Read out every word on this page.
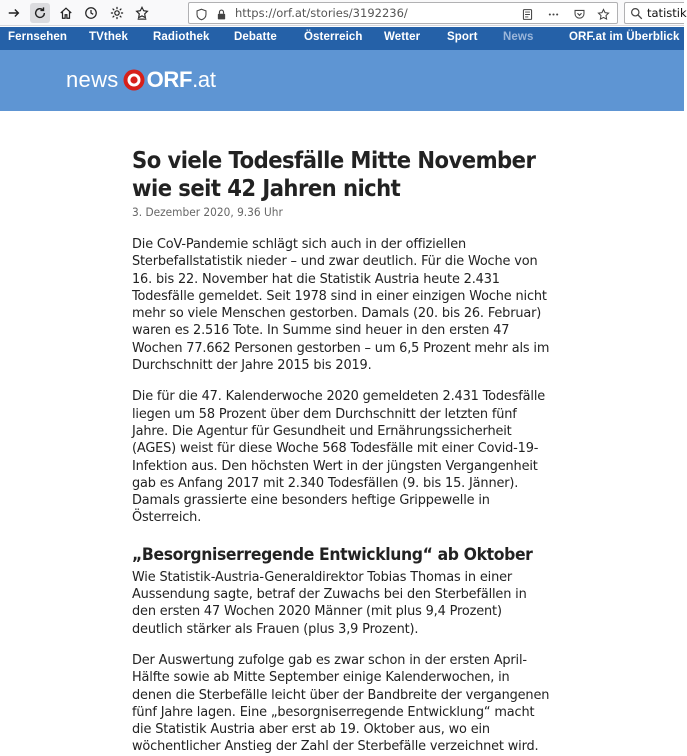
https://orf.at/stories/3192236/	tatistik
Fernsehen TVthek Radiothek Debatte Österreich Wetter Sport News	ORF.at im Überblick
news ORF.at
So viele Todesfälle Mitte November wie seit 42 Jahren nicht
3. Dezember 2020, 9.36 Uhr

Die CoV-Pandemie schlägt sich auch in der offiziellen Sterbefallstatistik nieder – und zwar deutlich. Für die Woche von 16. bis 22. November hat die Statistik Austria heute 2.431 Todesfälle gemeldet. Seit 1978 sind in einer einzigen Woche nicht mehr so viele Menschen gestorben. Damals (20. bis 26. Februar) waren es 2.516 Tote. In Summe sind heuer in den ersten 47 Wochen 77.662 Personen gestorben – um 6,5 Prozent mehr als im Durchschnitt der Jahre 2015 bis 2019.

Die für die 47. Kalenderwoche 2020 gemeldeten 2.431 Todesfälle liegen um 58 Prozent über dem Durchschnitt der letzten fünf Jahre. Die Agentur für Gesundheit und Ernährungssicherheit (AGES) weist für diese Woche 568 Todesfälle mit einer Covid-19-Infektion aus. Den höchsten Wert in der jüngsten Vergangenheit gab es Anfang 2017 mit 2.340 Todesfällen (9. bis 15. Jänner). Damals grassierte eine besonders heftige Grippewelle in Österreich.

„Besorgniserregende Entwicklung“ ab Oktober

Wie Statistik-Austria-Generaldirektor Tobias Thomas in einer Aussendung sagte, betraf der Zuwachs bei den Sterbefällen in den ersten 47 Wochen 2020 Männer (mit plus 9,4 Prozent) deutlich stärker als Frauen (plus 3,9 Prozent).

Der Auswertung zufolge gab es zwar schon in der ersten April-Hälfte sowie ab Mitte September einige Kalenderwochen, in denen die Sterbefälle leicht über der Bandbreite der vergangenen fünf Jahre lagen. Eine „besorgniserregende Entwicklung“ macht die Statistik Austria aber erst ab 19. Oktober aus, wo ein wöchentlicher Anstieg der Zahl der Sterbefälle verzeichnet wird.
